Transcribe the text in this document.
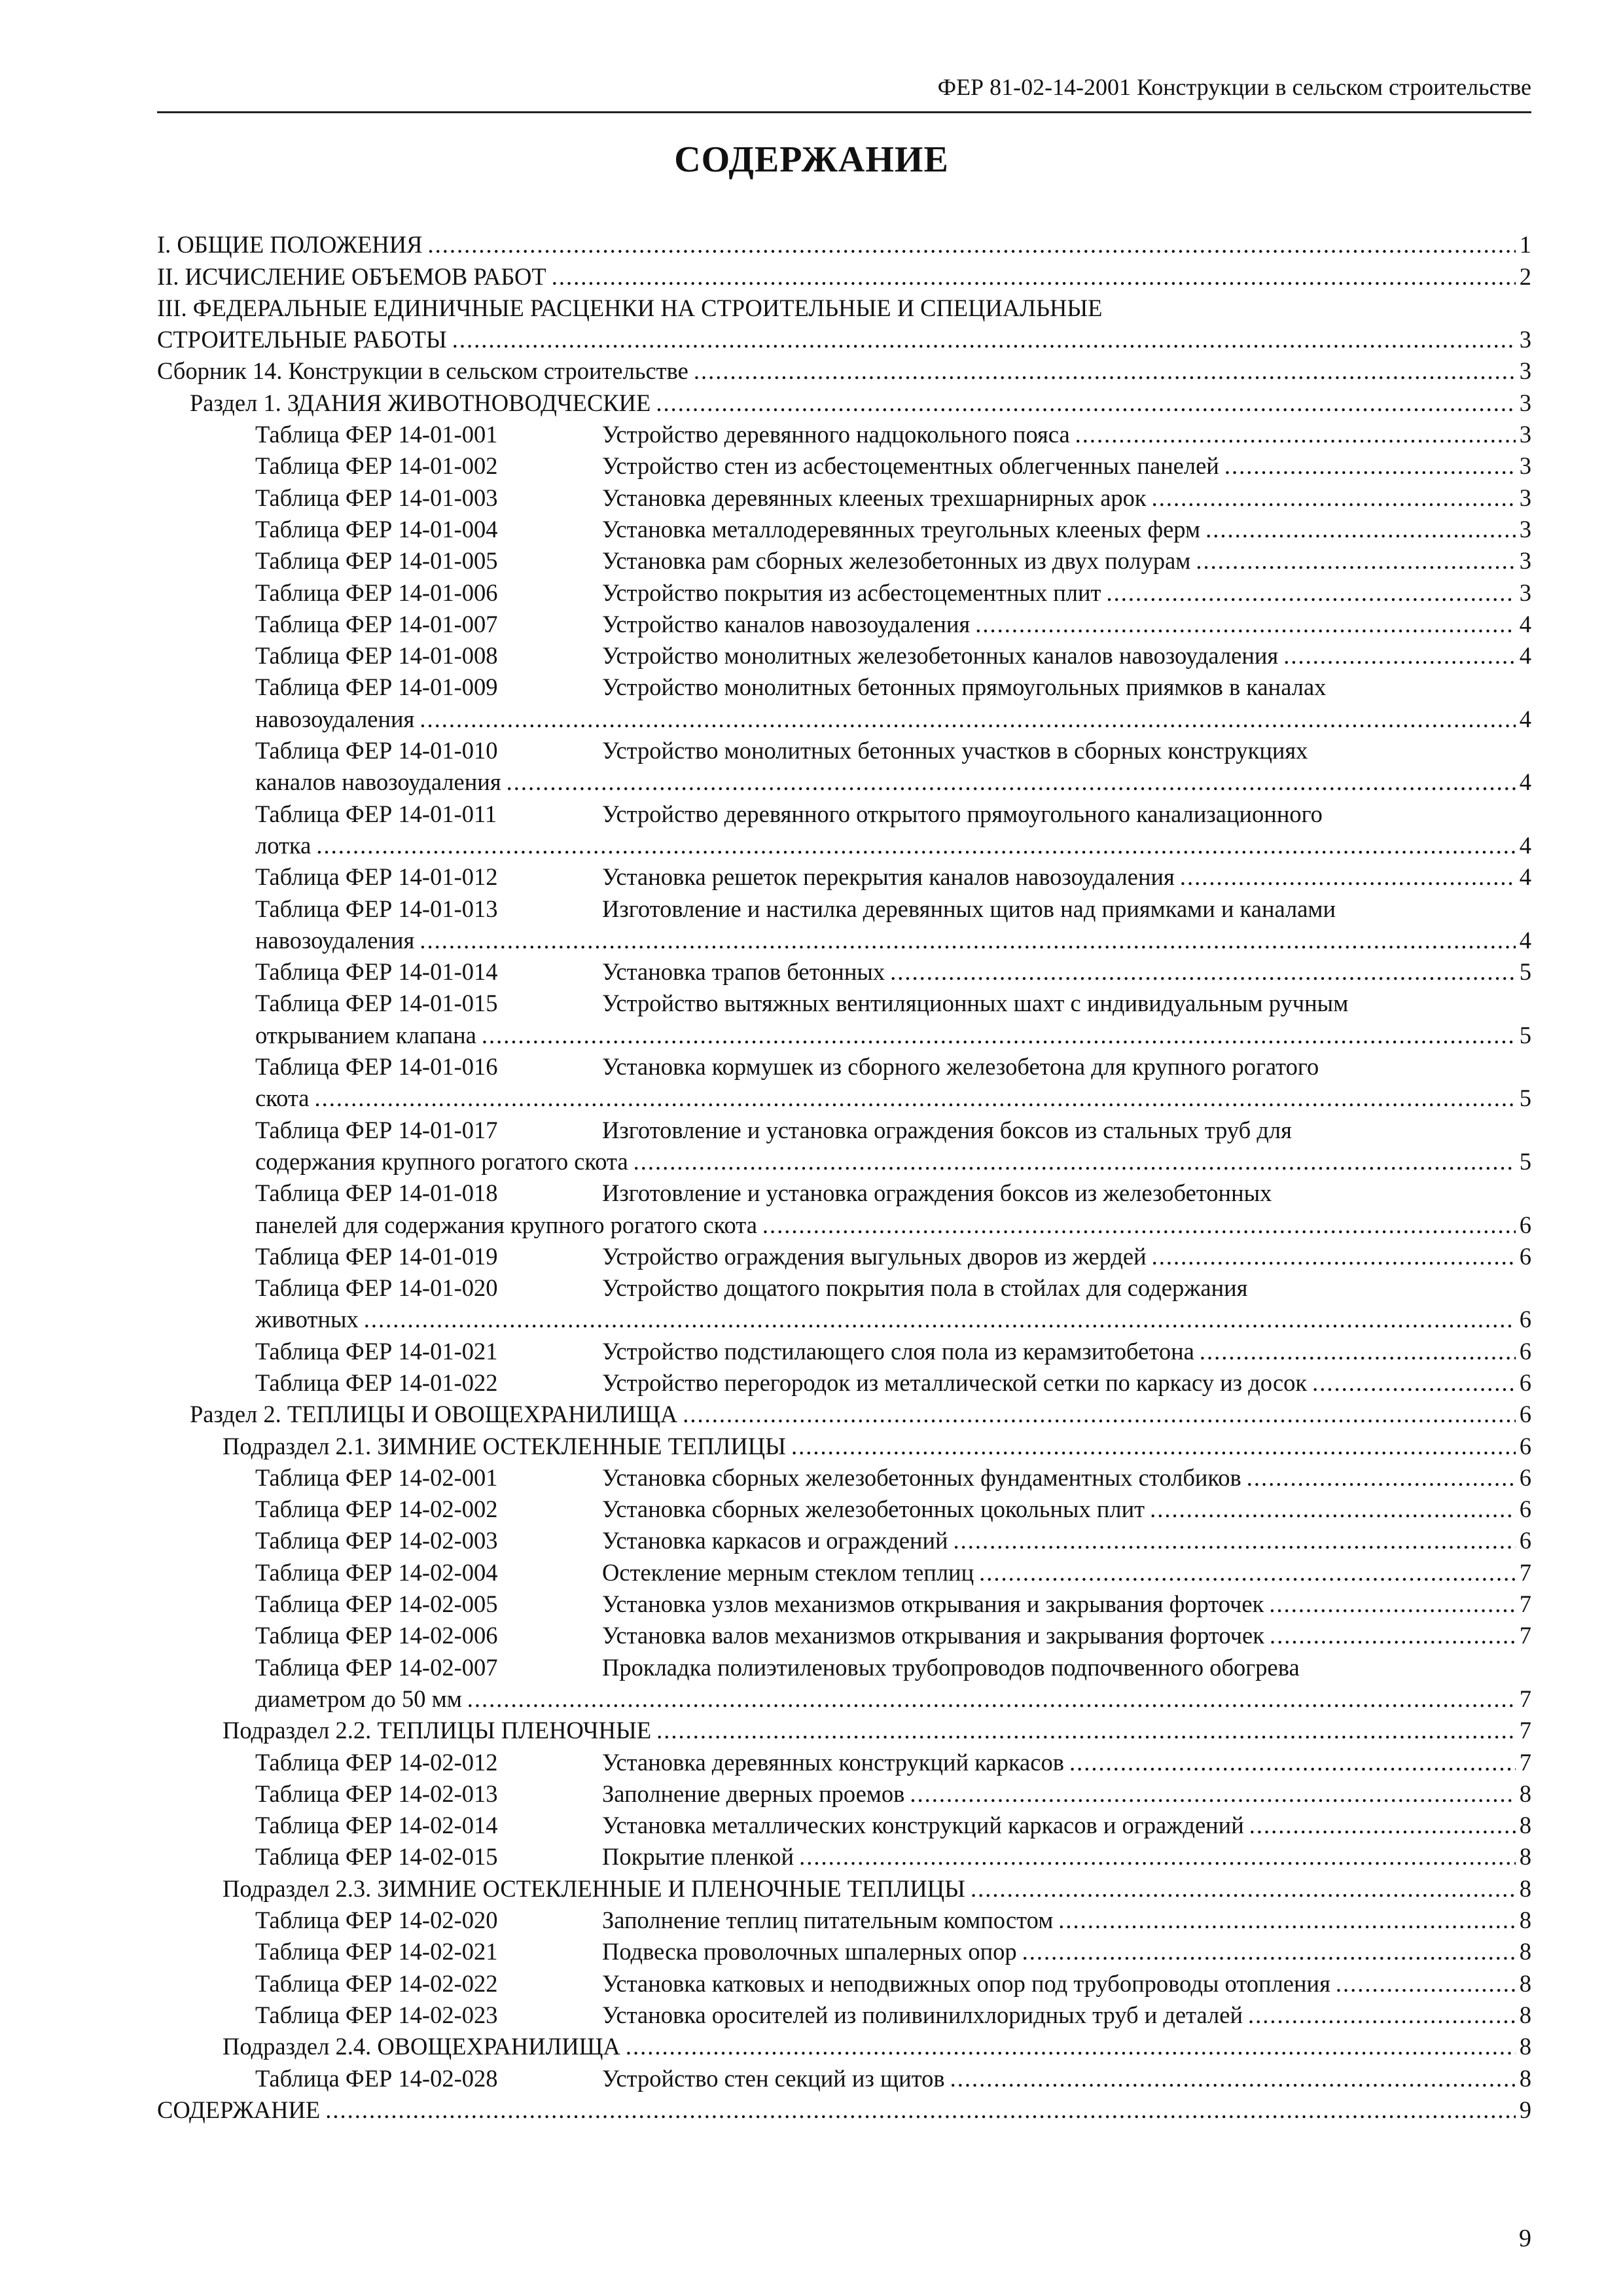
ФЕР 81-02-14-2001 Конструкции в сельском строительстве
СОДЕРЖАНИЕ
I. ОБЩИЕ ПОЛОЖЕНИЯ .....	1
II. ИСЧИСЛЕНИЕ ОБЪЕМОВ РАБОТ .....	2
III. ФЕДЕРАЛЬНЫЕ ЕДИНИЧНЫЕ РАСЦЕНКИ НА СТРОИТЕЛЬНЫЕ И СПЕЦИАЛЬНЫЕ
СТРОИТЕЛЬНЫЕ РАБОТЫ .....	3
Сборник 14. Конструкции в сельском строительстве .....	3
Раздел 1. ЗДАНИЯ ЖИВОТНОВОДЧЕСКИЕ .....	3
Таблица ФЕР 14-01-001	Устройство деревянного надцокольного пояса .....	3
Таблица ФЕР 14-01-002	Устройство стен из асбестоцементных облегченных панелей .....	3
Таблица ФЕР 14-01-003	Установка деревянных клееных трехшарнирных арок .....	3
Таблица ФЕР 14-01-004	Установка металлодеревянных треугольных клееных ферм .....	3
Таблица ФЕР 14-01-005	Установка рам сборных железобетонных из двух полурам .....	3
Таблица ФЕР 14-01-006	Устройство покрытия из асбестоцементных плит .....	3
Таблица ФЕР 14-01-007	Устройство каналов навозоудаления .....	4
Таблица ФЕР 14-01-008	Устройство монолитных железобетонных каналов навозоудаления .....	4
Таблица ФЕР 14-01-009	Устройство монолитных бетонных прямоугольных приямков в каналах
навозоудаления .....	4
Таблица ФЕР 14-01-010	Устройство монолитных бетонных участков в сборных конструкциях
каналов навозоудаления .....	4
Таблица ФЕР 14-01-011	Устройство деревянного открытого прямоугольного канализационного
лотка .....	4
Таблица ФЕР 14-01-012	Установка решеток перекрытия каналов навозоудаления .....	4
Таблица ФЕР 14-01-013	Изготовление и настилка деревянных щитов над приямками и каналами
навозоудаления .....	4
Таблица ФЕР 14-01-014	Установка трапов бетонных .....	5
Таблица ФЕР 14-01-015	Устройство вытяжных вентиляционных шахт с индивидуальным ручным
открыванием клапана .....	5
Таблица ФЕР 14-01-016	Установка кормушек из сборного железобетона для крупного рогатого
скота .....	5
Таблица ФЕР 14-01-017	Изготовление и установка ограждения боксов из стальных труб для
содержания крупного рогатого скота .....	5
Таблица ФЕР 14-01-018	Изготовление и установка ограждения боксов из железобетонных
панелей для содержания крупного рогатого скота .....	6
Таблица ФЕР 14-01-019	Устройство ограждения выгульных дворов из жердей .....	6
Таблица ФЕР 14-01-020	Устройство дощатого покрытия пола в стойлах для содержания
животных .....	6
Таблица ФЕР 14-01-021	Устройство подстилающего слоя пола из керамзитобетона .....	6
Таблица ФЕР 14-01-022	Устройство перегородок из металлической сетки по каркасу из досок .....	6
Раздел 2. ТЕПЛИЦЫ И ОВОЩЕХРАНИЛИЩА .....	6
Подраздел 2.1. ЗИМНИЕ ОСТЕКЛЕННЫЕ ТЕПЛИЦЫ .....	6
Таблица ФЕР 14-02-001	Установка сборных железобетонных фундаментных столбиков .....	6
Таблица ФЕР 14-02-002	Установка сборных железобетонных цокольных плит .....	6
Таблица ФЕР 14-02-003	Установка каркасов и ограждений .....	6
Таблица ФЕР 14-02-004	Остекление мерным стеклом теплиц .....	7
Таблица ФЕР 14-02-005	Установка узлов механизмов открывания и закрывания форточек .....	7
Таблица ФЕР 14-02-006	Установка валов механизмов открывания и закрывания форточек .....	7
Таблица ФЕР 14-02-007	Прокладка полиэтиленовых трубопроводов подпочвенного обогрева
диаметром до 50 мм .....	7
Подраздел 2.2. ТЕПЛИЦЫ ПЛЕНОЧНЫЕ .....	7
Таблица ФЕР 14-02-012	Установка деревянных конструкций каркасов .....	7
Таблица ФЕР 14-02-013	Заполнение дверных проемов .....	8
Таблица ФЕР 14-02-014	Установка металлических конструкций каркасов и ограждений .....	8
Таблица ФЕР 14-02-015	Покрытие пленкой .....	8
Подраздел 2.3. ЗИМНИЕ ОСТЕКЛЕННЫЕ И ПЛЕНОЧНЫЕ ТЕПЛИЦЫ .....	8
Таблица ФЕР 14-02-020	Заполнение теплиц питательным компостом .....	8
Таблица ФЕР 14-02-021	Подвеска проволочных шпалерных опор .....	8
Таблица ФЕР 14-02-022	Установка катковых и неподвижных опор под трубопроводы отопления .....	8
Таблица ФЕР 14-02-023	Установка оросителей из поливинилхлоридных труб и деталей .....	8
Подраздел 2.4. ОВОЩЕХРАНИЛИЩА .....	8
Таблица ФЕР 14-02-028	Устройство стен секций из щитов .....	8
СОДЕРЖАНИЕ .....	9
9
